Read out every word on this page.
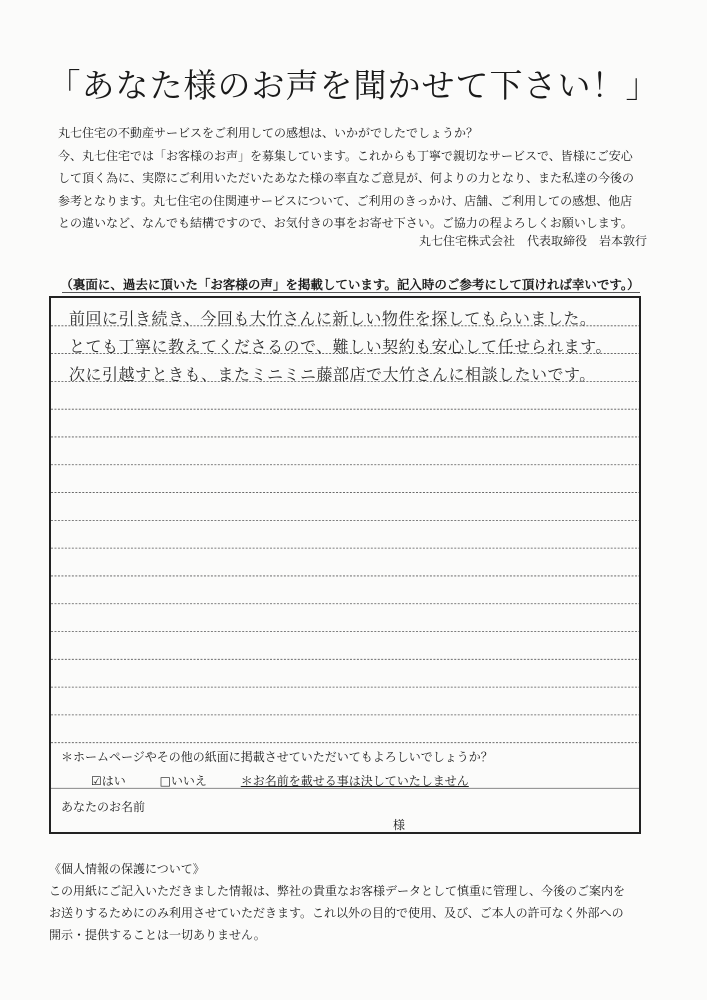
「あなた様のお声を聞かせて下さい！」

丸七住宅の不動産サービスをご利用しての感想は、いかがでしたでしょうか？

今、丸七住宅では「お客様のお声」を募集しています。これからも丁寧で親切なサービスで、皆様にご安心

して頂く為に、実際にご利用いただいたあなた様の率直なご意見が、何よりの力となり、また私達の今後の

参考となります。丸七住宅の住関連サービスについて、ご利用のきっかけ、店舗、ご利用しての感想、他店

との違いなど、なんでも結構ですので、お気付きの事をお寄せ下さい。ご協力の程よろしくお願いします。

丸七住宅株式会社　代表取締役　岩本敦行
（裏面に、過去に頂いた「お客様の声」を掲載しています。記入時のご参考にして頂ければ幸いです。）
前回に引き続き、今回も大竹さんに新しい物件を探してもらいました。
とても丁寧に教えてくださるので、難しい契約も安心して任せられます。
次に引越すときも、またミニミニ藤部店で大竹さんに相談したいです。
＊ホームページやその他の紙面に掲載させていただいてもよろしいでしょうか？
☑はい	□いいえ	＊お名前を載せる事は決していたしません
あなたのお名前
様

《個人情報の保護について》

この用紙にご記入いただきました情報は、弊社の貴重なお客様データとして慎重に管理し、今後のご案内を

お送りするためにのみ利用させていただきます。これ以外の目的で使用、及び、ご本人の許可なく外部への

開示・提供することは一切ありません。
